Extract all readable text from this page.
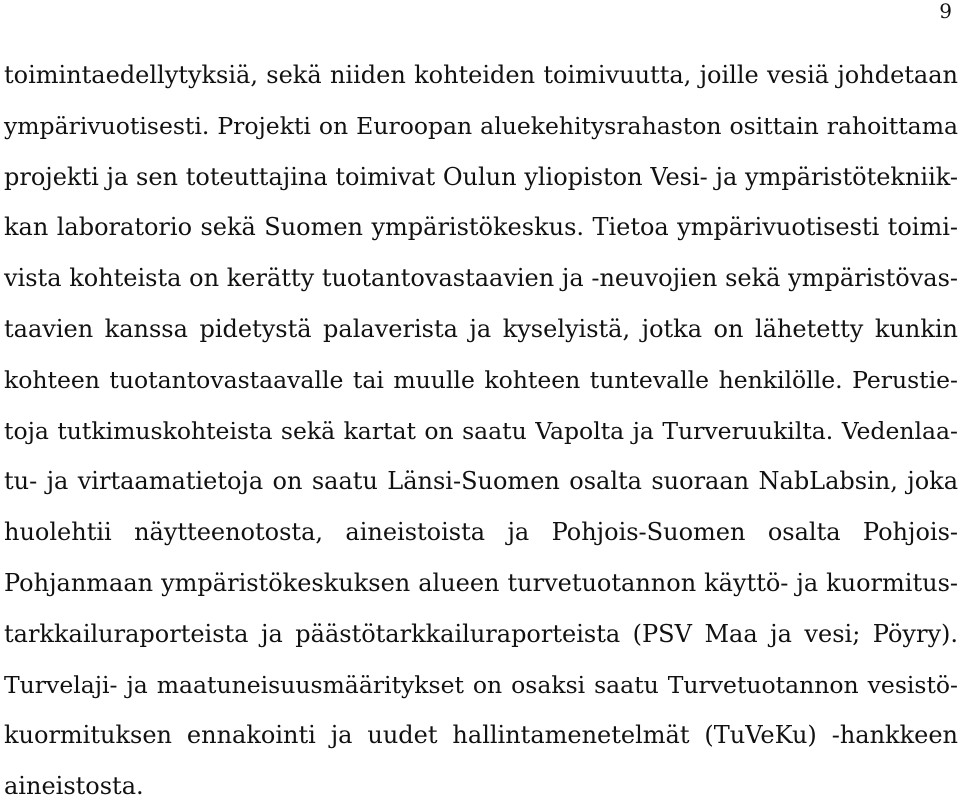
9
toimintaedellytyksiä, sekä niiden kohteiden toimivuutta, joille vesiä johdetaan
ympärivuotisesti. Projekti on Euroopan aluekehitysrahaston osittain rahoittama
projekti ja sen toteuttajina toimivat Oulun yliopiston Vesi- ja ympäristötekniik-
kan laboratorio sekä Suomen ympäristökeskus. Tietoa ympärivuotisesti toimi-
vista kohteista on kerätty tuotantovastaavien ja -neuvojien sekä ympäristövas-
taavien kanssa pidetystä palaverista ja kyselyistä, jotka on lähetetty kunkin
kohteen tuotantovastaavalle tai muulle kohteen tuntevalle henkilölle. Perustie-
toja tutkimuskohteista sekä kartat on saatu Vapolta ja Turveruukilta. Vedenlaa-
tu- ja virtaamatietoja on saatu Länsi-Suomen osalta suoraan NabLabsin, joka
huolehtii näytteenotosta, aineistoista ja Pohjois-Suomen osalta Pohjois-
Pohjanmaan ympäristökeskuksen alueen turvetuotannon käyttö- ja kuormitus-
tarkkailuraporteista ja päästötarkkailuraporteista (PSV Maa ja vesi; Pöyry).
Turvelaji- ja maatuneisuusmääritykset on osaksi saatu Turvetuotannon vesistö-
kuormituksen ennakointi ja uudet hallintamenetelmät (TuVeKu) -hankkeen
aineistosta.
